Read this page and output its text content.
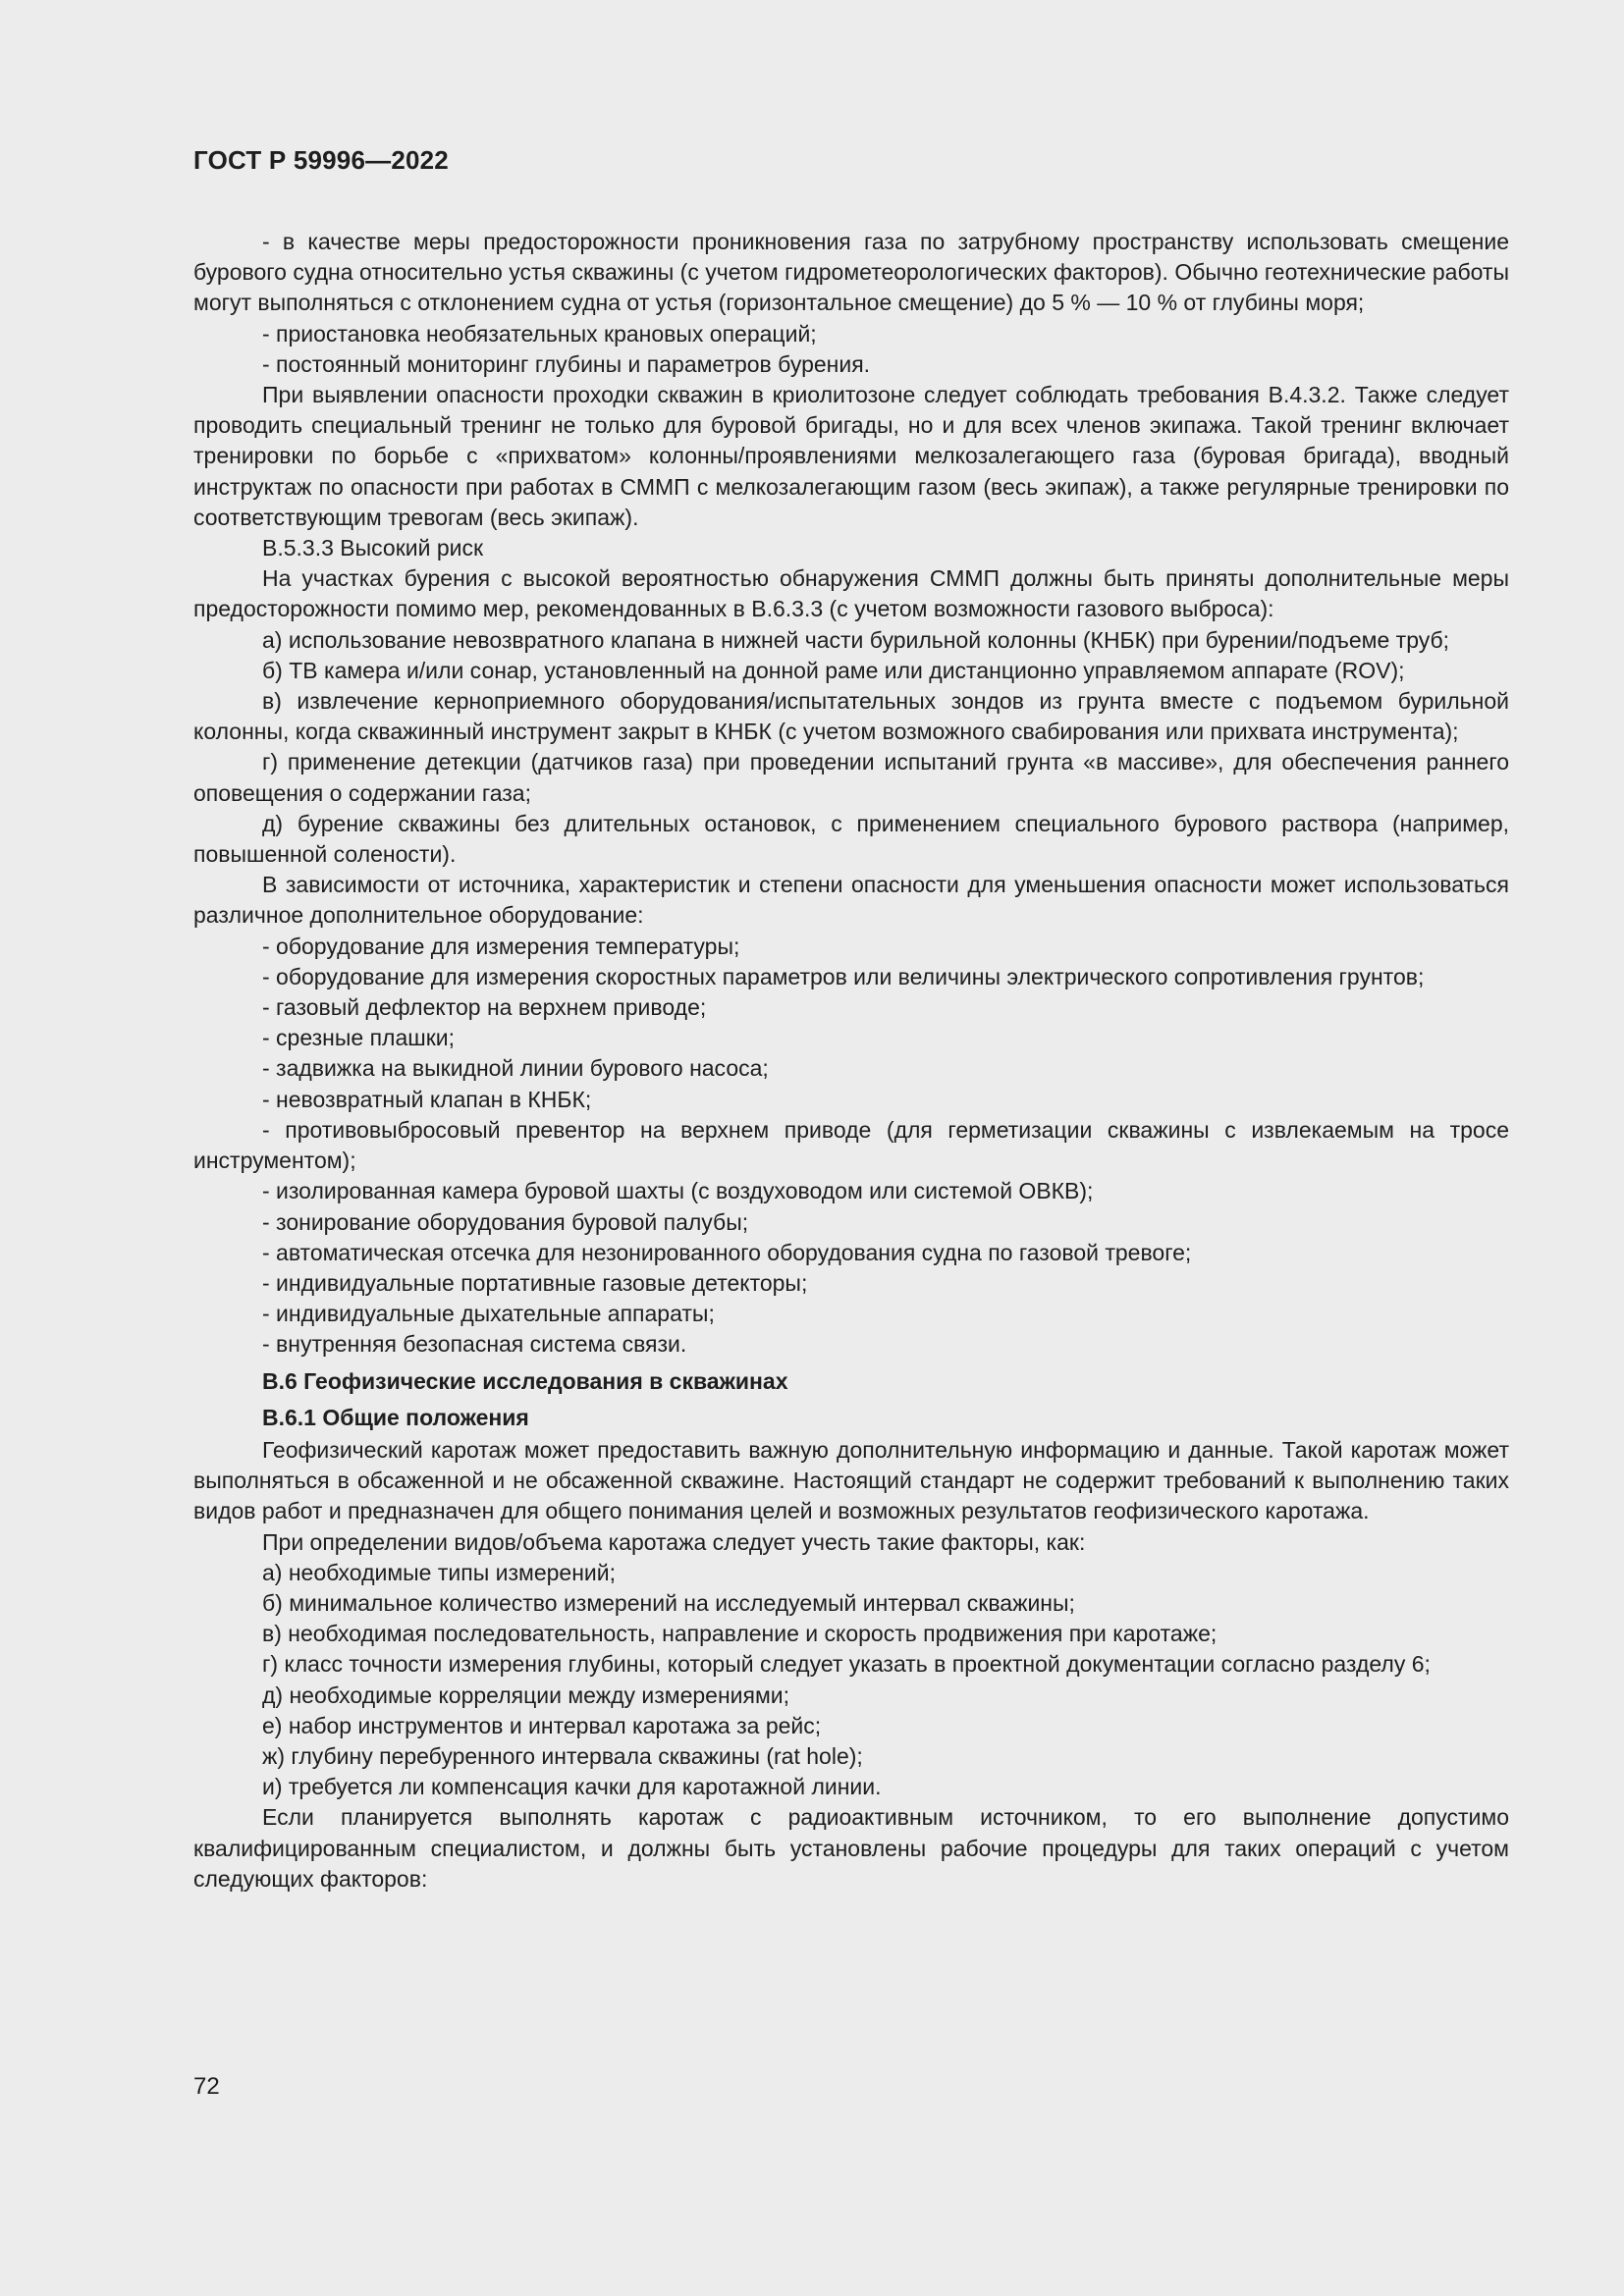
ГОСТ Р 59996—2022

- в качестве меры предосторожности проникновения газа по затрубному пространству использовать смещение бурового судна относительно устья скважины (с учетом гидрометеорологических факторов). Обычно геотехнические работы могут выполняться с отклонением судна от устья (горизонтальное смещение) до 5 % — 10 % от глубины моря;

- приостановка необязательных крановых операций;

- постоянный мониторинг глубины и параметров бурения.

При выявлении опасности проходки скважин в криолитозоне следует соблюдать требования В.4.3.2. Также следует проводить специальный тренинг не только для буровой бригады, но и для всех членов экипажа. Такой тренинг включает тренировки по борьбе с «прихватом» колонны/проявлениями мелкозалегающего газа (буровая бригада), вводный инструктаж по опасности при работах в СММП с мелкозалегающим газом (весь экипаж), а также регулярные тренировки по соответствующим тревогам (весь экипаж).

В.5.3.3 Высокий риск

На участках бурения с высокой вероятностью обнаружения СММП должны быть приняты дополнительные меры предосторожности помимо мер, рекомендованных в В.6.3.3 (с учетом возможности газового выброса):

а) использование невозвратного клапана в нижней части бурильной колонны (КНБК) при бурении/подъеме труб;

б) ТВ камера и/или сонар, установленный на донной раме или дистанционно управляемом аппарате (ROV);

в) извлечение керноприемного оборудования/испытательных зондов из грунта вместе с подъемом бурильной колонны, когда скважинный инструмент закрыт в КНБК (с учетом возможного свабирования или прихвата инструмента);

г) применение детекции (датчиков газа) при проведении испытаний грунта «в массиве», для обеспечения раннего оповещения о содержании газа;

д) бурение скважины без длительных остановок, с применением специального бурового раствора (например, повышенной солености).

В зависимости от источника, характеристик и степени опасности для уменьшения опасности может использоваться различное дополнительное оборудование:

- оборудование для измерения температуры;

- оборудование для измерения скоростных параметров или величины электрического сопротивления грунтов;

- газовый дефлектор на верхнем приводе;

- срезные плашки;

- задвижка на выкидной линии бурового насоса;

- невозвратный клапан в КНБК;

- противовыбросовый превентор на верхнем приводе (для герметизации скважины с извлекаемым на тросе инструментом);

- изолированная камера буровой шахты (с воздуховодом или системой ОВКВ);

- зонирование оборудования буровой палубы;

- автоматическая отсечка для незонированного оборудования судна по газовой тревоге;

- индивидуальные портативные газовые детекторы;

- индивидуальные дыхательные аппараты;

- внутренняя безопасная система связи.

В.6 Геофизические исследования в скважинах

В.6.1 Общие положения

Геофизический каротаж может предоставить важную дополнительную информацию и данные. Такой каротаж может выполняться в обсаженной и не обсаженной скважине. Настоящий стандарт не содержит требований к выполнению таких видов работ и предназначен для общего понимания целей и возможных результатов геофизического каротажа.

При определении видов/объема каротажа следует учесть такие факторы, как:

а) необходимые типы измерений;

б) минимальное количество измерений на исследуемый интервал скважины;

в) необходимая последовательность, направление и скорость продвижения при каротаже;

г) класс точности измерения глубины, который следует указать в проектной документации согласно разделу 6;

д) необходимые корреляции между измерениями;

е) набор инструментов и интервал каротажа за рейс;

ж) глубину перебуренного интервала скважины (rat hole);

и) требуется ли компенсация качки для каротажной линии.

Если планируется выполнять каротаж с радиоактивным источником, то его выполнение допустимо квалифицированным специалистом, и должны быть установлены рабочие процедуры для таких операций с учетом следующих факторов:

72
